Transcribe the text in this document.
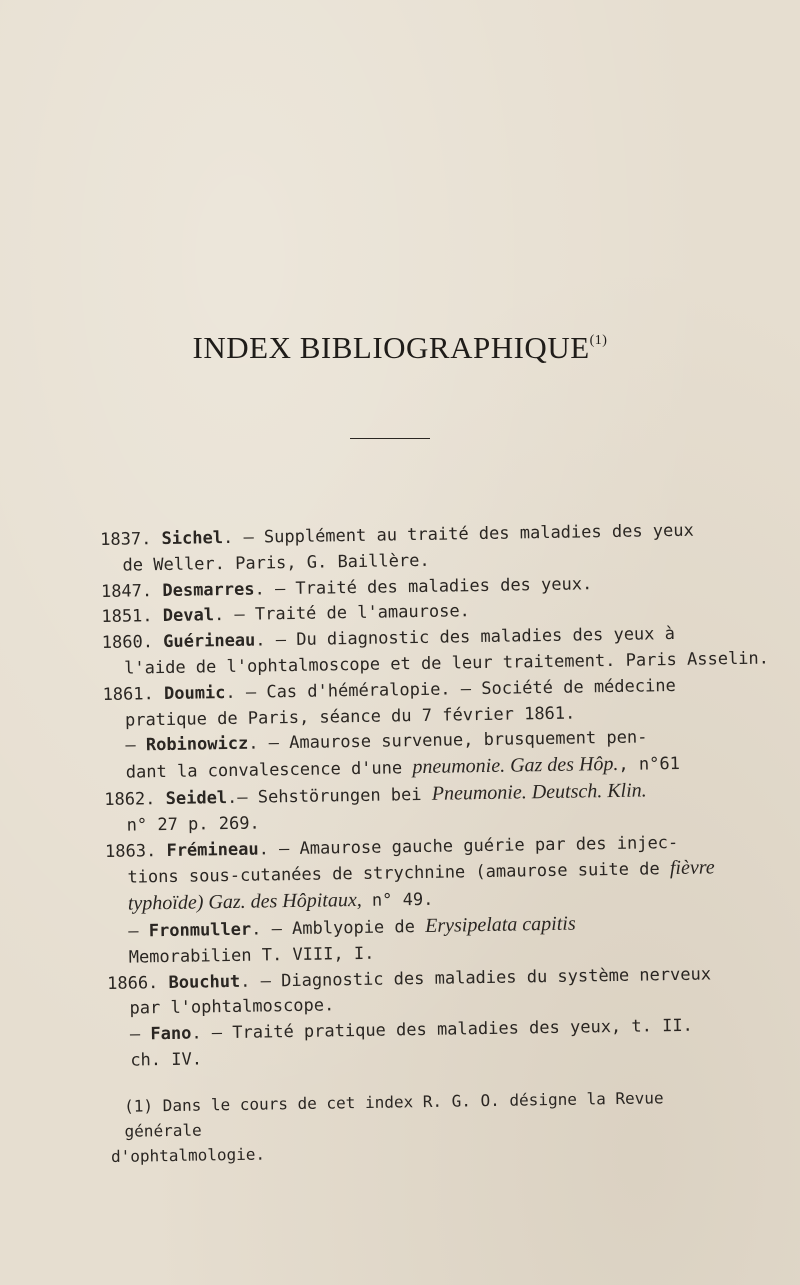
INDEX BIBLIOGRAPHIQUE$^{(1)}$
1837. Sichel. — Supplément au traité des maladies des yeux
de Weller. Paris, G. Baillère.
1847. Desmarres. — Traité des maladies des yeux.
1851. Deval. — Traité de l'amaurose.
1860. Guérineau. — Du diagnostic des maladies des yeux à
l'aide de l'ophtalmoscope et de leur traitement. Paris Asselin.
1861. Doumic. — Cas d'héméralopie. — Société de médecine
pratique de Paris, séance du 7 février 1861.
— Robinowicz. — Amaurose survenue, brusquement pen-
dant la convalescence d'une pneumonie. Gaz des Hôp., n°61
1862. Seidel.— Sehstörungen bei Pneumonie. Deutsch. Klin.
n° 27 p. 269.
1863. Frémineau. — Amaurose gauche guérie par des injec-
tions sous-cutanées de strychnine (amaurose suite de fièvre
typhoïde) Gaz. des Hôpitaux, n° 49.
— Fronmuller. — Amblyopie de Erysipelata capitis
Memorabilien T. VIII, I.
1866. Bouchut. — Diagnostic des maladies du système nerveux
par l'ophtalmoscope.
— Fano. — Traité pratique des maladies des yeux, t. II.
ch. IV.
(1) Dans le cours de cet index R. G. O. désigne la Revue générale
d'ophtalmologie.
